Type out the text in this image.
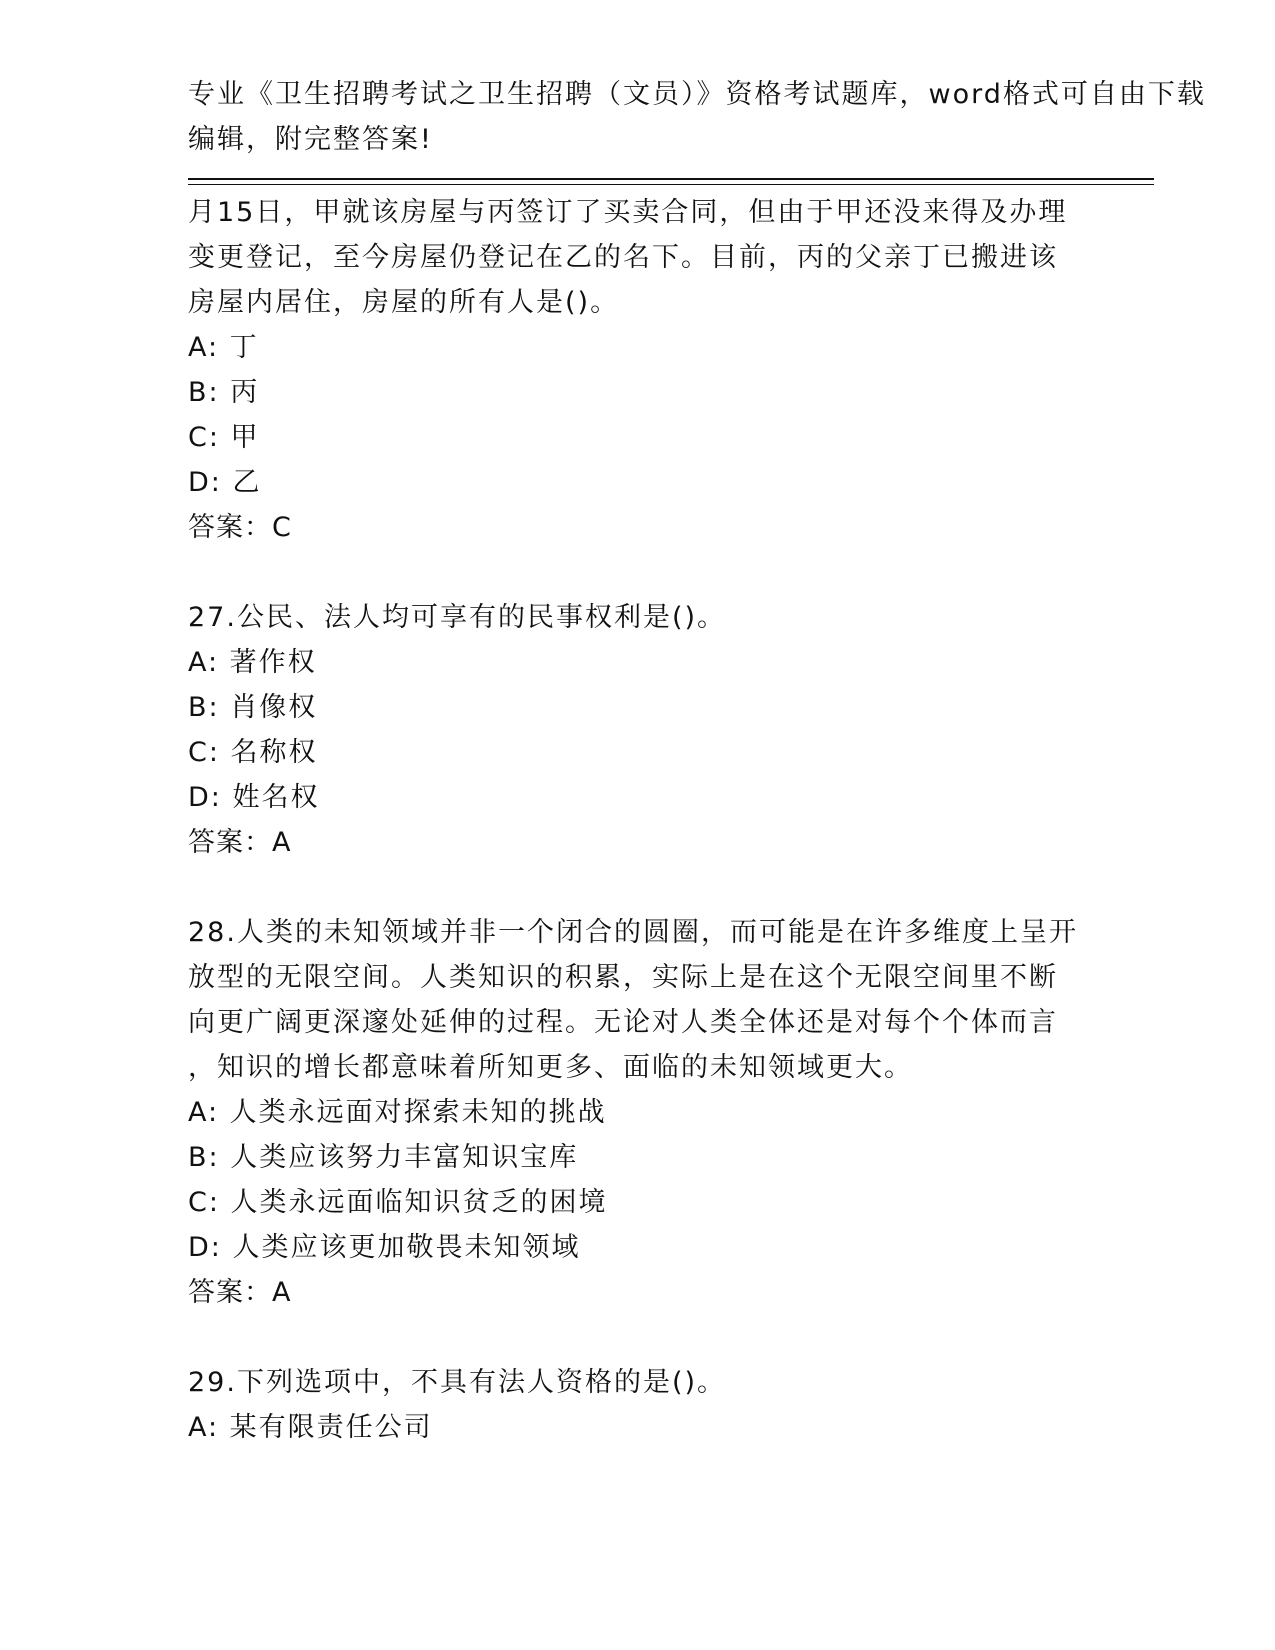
专业《卫生招聘考试之卫生招聘（文员）》资格考试题库，word格式可自由下载
编辑，附完整答案!
月15日，甲就该房屋与丙签订了买卖合同，但由于甲还没来得及办理
变更登记，至今房屋仍登记在乙的名下。目前，丙的父亲丁已搬进该
房屋内居住，房屋的所有人是()。
A: 丁
B: 丙
C: 甲
D: 乙
答案：C
27.公民、法人均可享有的民事权利是()。
A: 著作权
B: 肖像权
C: 名称权
D: 姓名权
答案：A
28.人类的未知领域并非一个闭合的圆圈，而可能是在许多维度上呈开
放型的无限空间。人类知识的积累，实际上是在这个无限空间里不断
向更广阔更深邃处延伸的过程。无论对人类全体还是对每个个体而言
，知识的增长都意味着所知更多、面临的未知领域更大。
A: 人类永远面对探索未知的挑战
B: 人类应该努力丰富知识宝库
C: 人类永远面临知识贫乏的困境
D: 人类应该更加敬畏未知领域
答案：A
29.下列选项中，不具有法人资格的是()。
A: 某有限责任公司
